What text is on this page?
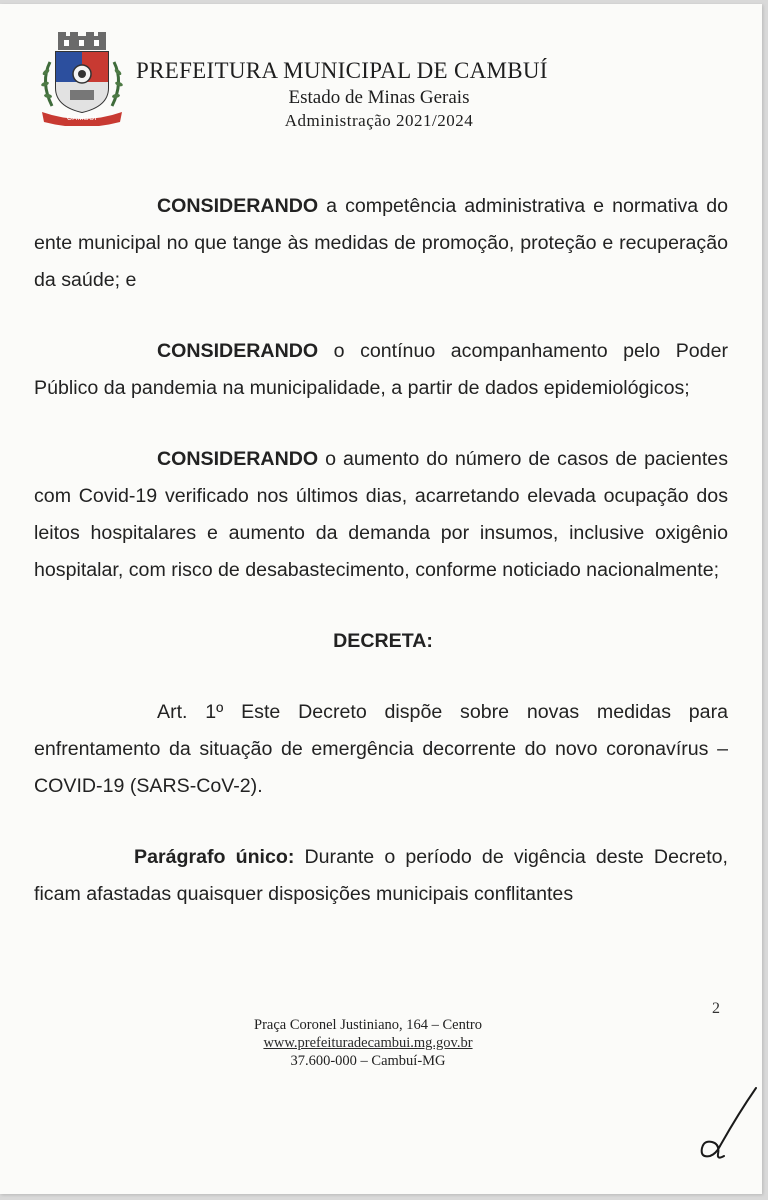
CAMBUÍ
PREFEITURA MUNICIPAL DE CAMBUÍ
Estado de Minas Gerais
Administração 2021/2024

CONSIDERANDO a competência administrativa e normativa do ente municipal no que tange às medidas de promoção, proteção e recuperação da saúde; e

CONSIDERANDO o contínuo acompanhamento pelo Poder Público da pandemia na municipalidade, a partir de dados epidemiológicos;

CONSIDERANDO o aumento do número de casos de pacientes com Covid-19 verificado nos últimos dias, acarretando elevada ocupação dos leitos hospitalares e aumento da demanda por insumos, inclusive oxigênio hospitalar, com risco de desabastecimento, conforme noticiado nacionalmente;

DECRETA:

Art. 1º Este Decreto dispõe sobre novas medidas para enfrentamento da situação de emergência decorrente do novo coronavírus – COVID-19 (SARS-CoV-2).

Parágrafo único: Durante o período de vigência deste Decreto, ficam afastadas quaisquer disposições municipais conflitantes

2
Praça Coronel Justiniano, 164 – Centro
www.prefeituradecambui.mg.gov.br
37.600-000 – Cambuí-MG
